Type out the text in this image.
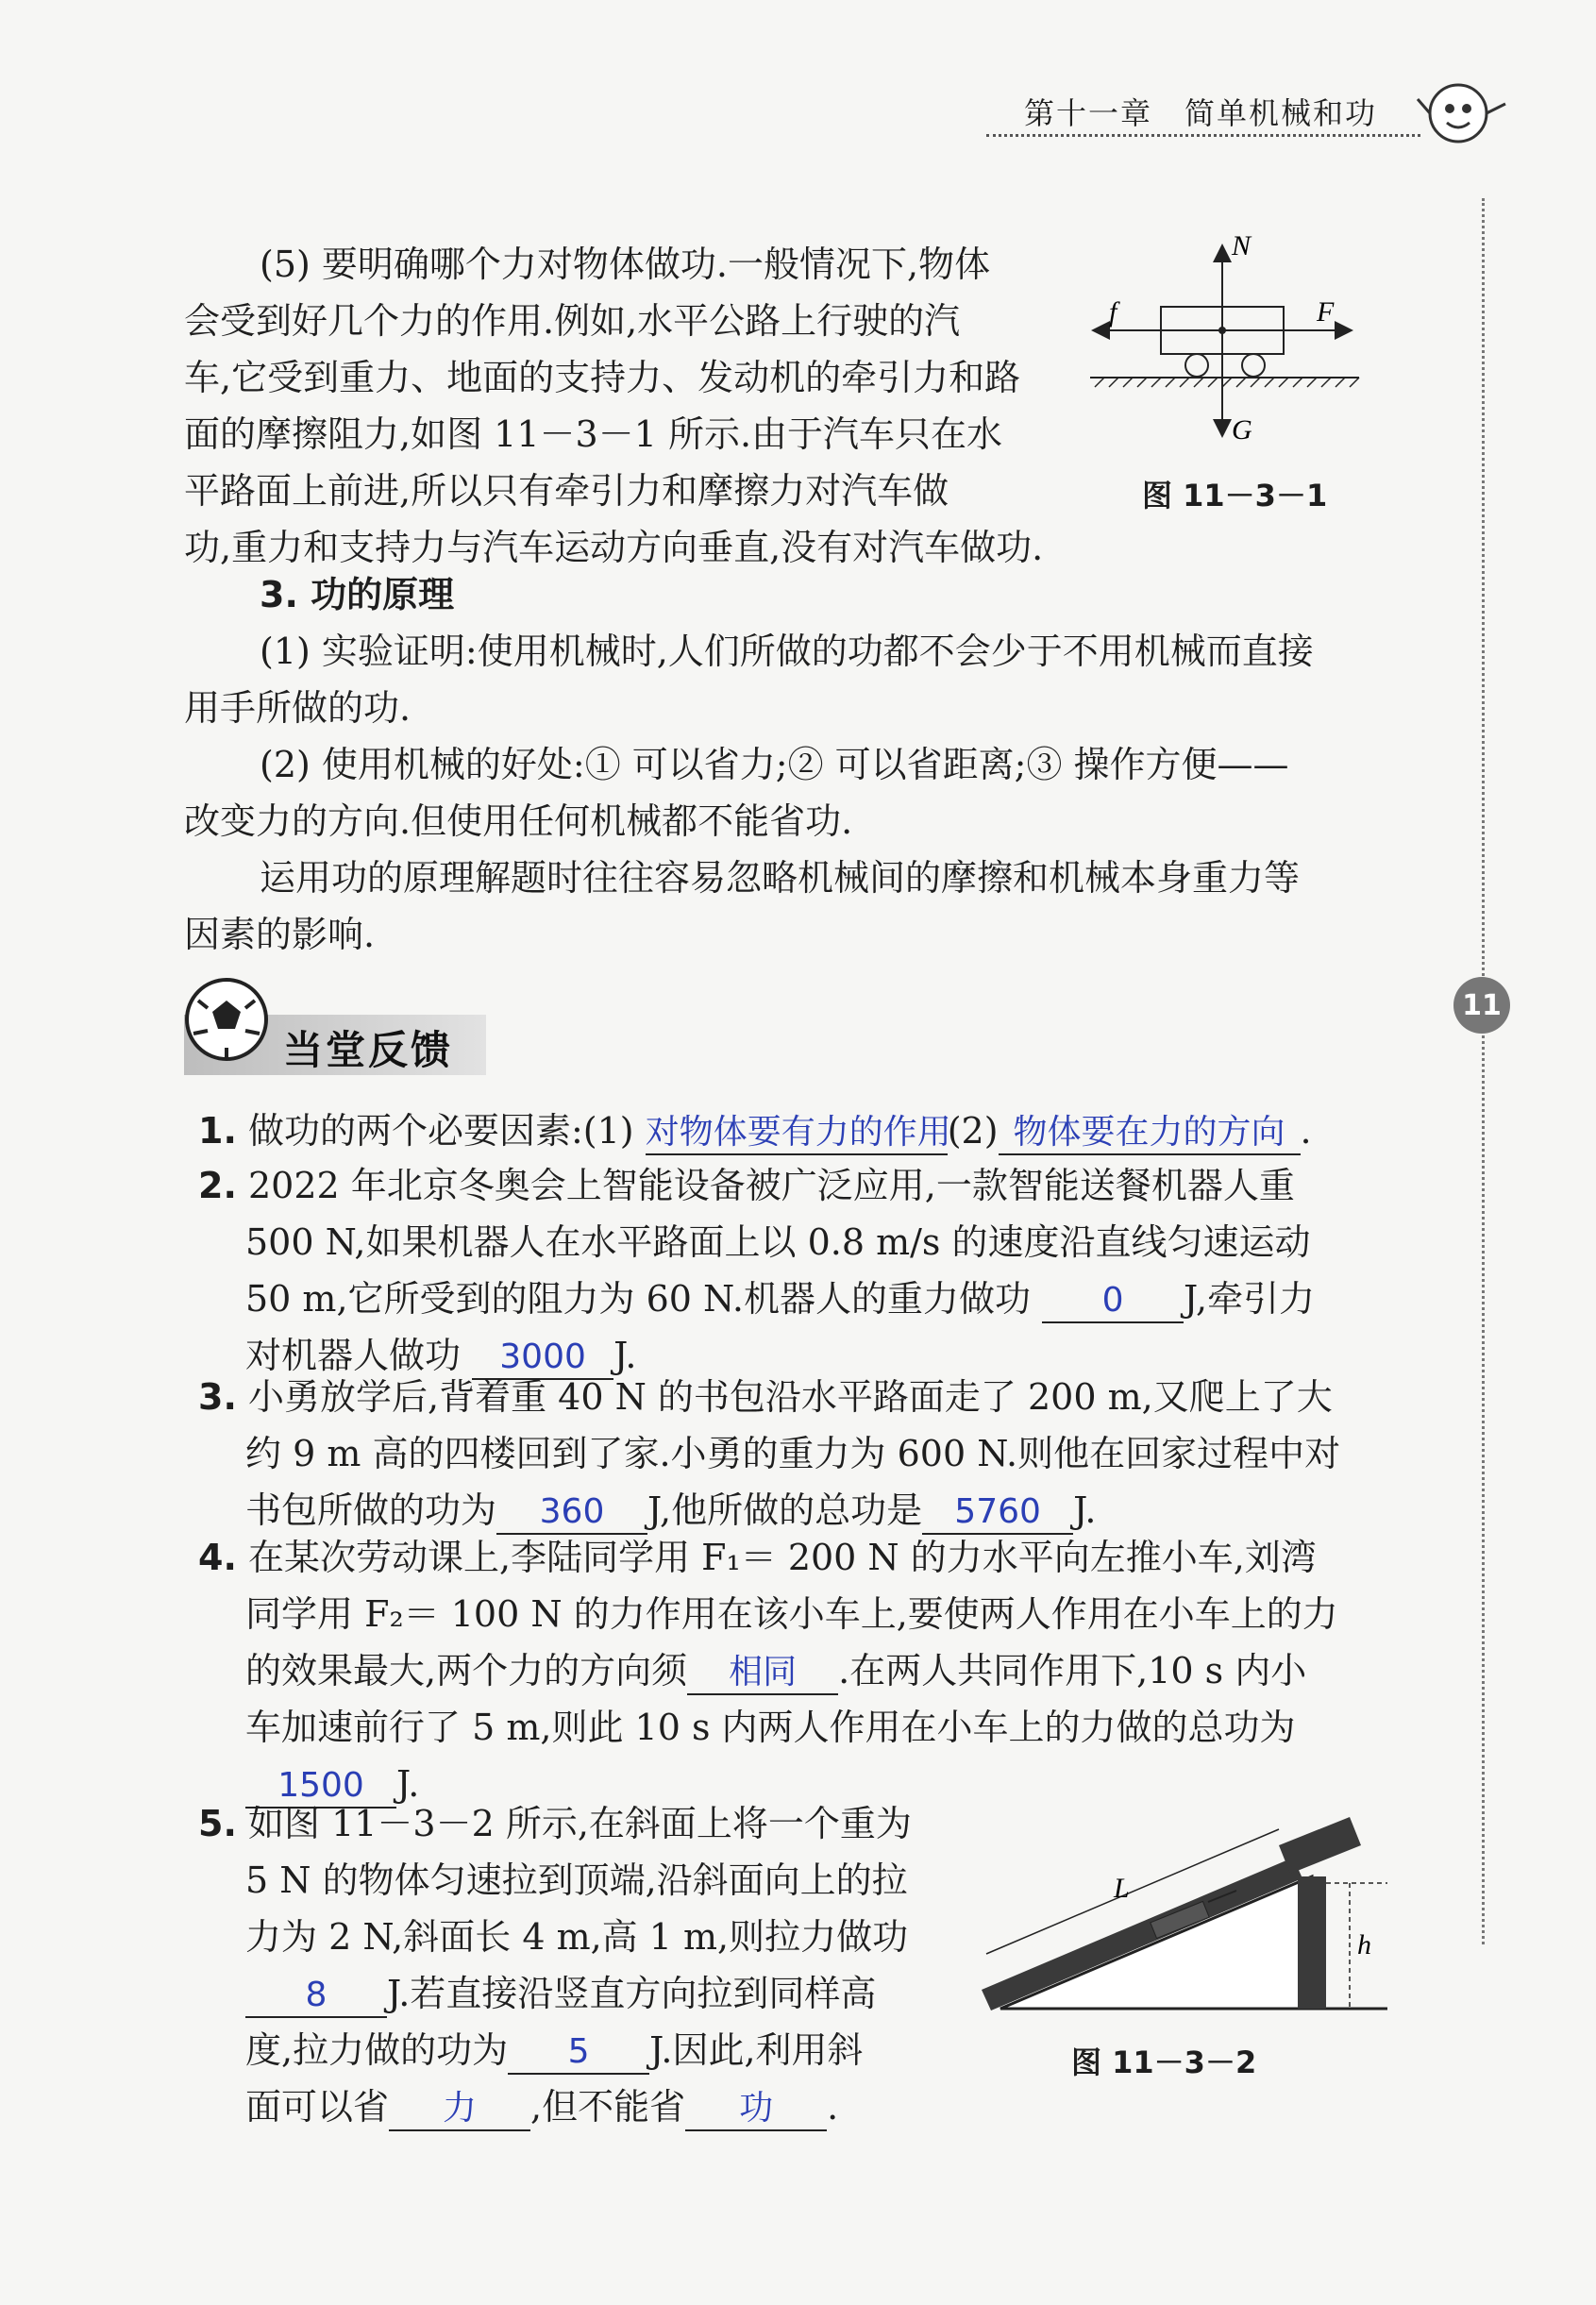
第十一章　简单机械和功
11
(5) 要明确哪个力对物体做功.一般情况下,物体
会受到好几个力的作用.例如,水平公路上行驶的汽
车,它受到重力、地面的支持力、发动机的牵引力和路
面的摩擦阻力,如图 11－3－1 所示.由于汽车只在水
平路面上前进,所以只有牵引力和摩擦力对汽车做
功,重力和支持力与汽车运动方向垂直,没有对汽车做功.
N
G
f	F
图 11－3－1
3. 功的原理
(1) 实验证明:使用机械时,人们所做的功都不会少于不用机械而直接
用手所做的功.
(2) 使用机械的好处:① 可以省力;② 可以省距离;③ 操作方便——
改变力的方向.但使用任何机械都不能省功.
运用功的原理解题时往往容易忽略机械间的摩擦和机械本身重力等
因素的影响.
当堂反馈
1. 做功的两个必要因素:(1) 对物体要有力的作用(2) 物体要在力的方向 .
2. 2022 年北京冬奥会上智能设备被广泛应用,一款智能送餐机器人重
500 N,如果机器人在水平路面上以 0.8 m/s 的速度沿直线匀速运动
50 m,它所受到的阻力为 60 N.机器人的重力做功 0 J,牵引力
对机器人做功 3000 J.
3. 小勇放学后,背着重 40 N 的书包沿水平路面走了 200 m,又爬上了大
约 9 m 高的四楼回到了家.小勇的重力为 600 N.则他在回家过程中对
书包所做的功为 360 J,他所做的总功是 5760 J.
4. 在某次劳动课上,李陆同学用 F₁＝ 200 N 的力水平向左推小车,刘湾
同学用 F₂＝ 100 N 的力作用在该小车上,要使两人作用在小车上的力
的效果最大,两个力的方向须 相同 .在两人共同作用下,10 s 内小
车加速前行了 5 m,则此 10 s 内两人作用在小车上的力做的总功为
1500 J.
5. 如图 11－3－2 所示,在斜面上将一个重为
5 N 的物体匀速拉到顶端,沿斜面向上的拉
力为 2 N,斜面长 4 m,高 1 m,则拉力做功
8 J.若直接沿竖直方向拉到同样高
度,拉力做的功为 5 J.因此,利用斜
面可以省 力 ,但不能省 功 .
L
h
图 11－3－2
